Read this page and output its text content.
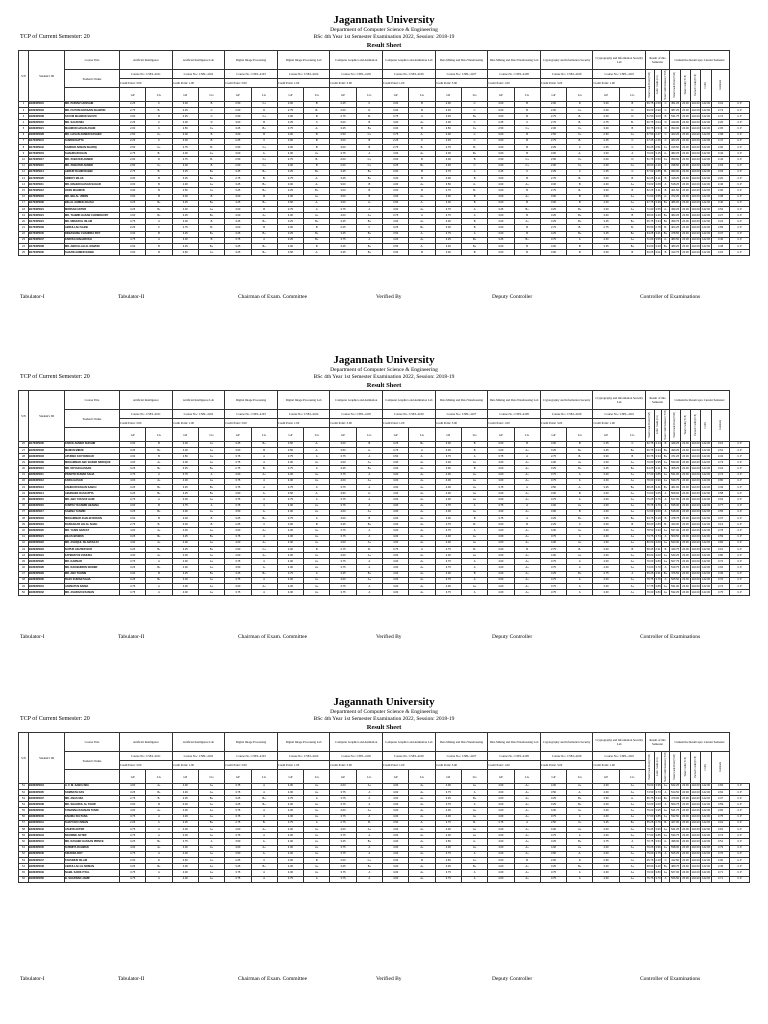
Jagannath University
Department of Computer Science & Engineering
BSc 4th Year 1st Semester Examination 2022, Session: 2018-19
Result Sheet
TCP of Current Semester: 20
S/N	Student's ID	Course Title	Artificial Intelligence		Artificial Intelligence Lab		Digital Image Processing		Digital Image Processing Lab		Computer Graphics and Animation		Computer Graphics and Animation Lab		Data Mining and Data Warehousing		Data Mining and Data Warehousing Lab		Cryptography and Information Security		Cryptography and Information Security Lab		Result of this Semester			Cumulative Result upto Current Semester					
		Student's Name	Course No.: CSEL-4101		Course No.: CSEL-4102		Course No.: CSEL-4103		Course No.: CSEL-4104		Course No.: CSEL-4105		Course No.: CSEL-4106		Course No.: CSEL-4107		Course No.: CSEL-4108		Course No.: CSEL-4109		Course No.: CSEL-4110		Total Grade Point (TGP)	Letter Grade (LG)	Total Credit Semester (TCP)	Total Grade Point (TGP)	Total Credit (TCP)	Earned Credit (ECP)	CGPA	Comment	
			Credit Point: 3.00		Credit Point: 1.00		Credit Point: 3.00		Credit Point: 1.00		Credit Point: 3.00		Credit Point: 1.00		Credit Point: 3.00		Credit Point: 1.00		Credit Point: 3.00		Credit Point: 1.00										
			GP	LG	GP	LG	GP	LG	GP	LG	GP	LG	GP	LG	GP	LG	GP	LG	GP	LG	GP	LG									
1	B180305001	MD. PARVEZ HOSSAIN	2.25	C	3.00	B	2.50	C+	3.00	B	2.25	C	3.00	B	2.00	C	3.00	B	2.00	D	3.00	B	66.75	2.50	C	451.25	20.00	142.00	142.00	3.01	C.P
2	B180305003	MD. FAIYOM HOSSAIN SHAWON	2.75	B-	2.25	C	2.00	D	2.75	B-	2.00	D	3.00	B	2.25	C	3.00	B	2.00	C+	2.00	D	69.00	2.90	C	387.25	20.00	142.00	142.00	2.73	C.P
3	B180305008	SAYUM MAHMUD SHUVO	3.00	B	2.25	C	2.50	C+	3.00	B	2.75	B-	3.75	A	3.25	B+	3.00	B	2.75	B-	2.00	D	51.50	3.00	B	531.75	20.00	142.00	142.00	2.74	C.P
4	B180305016	MD. SALIM MIA	2.25	C	2.00	D	3.00	B	2.25	C	3.00	B	4.00	A+	2.00	C	2.25	C	2.75	B-	2.75	B-	60.75	2.04	D	419.00	20.00	142.00	142.00	2.26	C.P
5	B180305021	MAHMUD HASAN ASHIK	2.00	C	2.50	C+	3.25	B+	3.75	A-	3.25	B+	3.00	B	2.50	C+	2.50	C+	2.00	C+	3.00	B	60.75	2.54	D	393.00	20.00	142.00	142.00	2.05	C.P
6	B180305028	MD. HASAN AHMED RASHED	2.50	C+	3.00	B	3.00	B	3.00	B	2.50	C+	3.75	A-	2.00	C	3.00	B	2.50	C+	2.50	C+	67.50	2.47	C	423.25	20.00	142.00	142.00	2.98	C.P
7	B170305041	SUMON DATTA	2.25	C	3.00	B	2.25	C	3.00	B	3.00	B	2.25	C	2.25	C	3.00	B	2.75	B-	2.25	C	47.25	2.36	C	363.25	20.00	142.00	142.00	2.47	C.P
8	B170305042	SARKER ADNAN SHARIQ	2.50	C+	2.75	B-	2.50	C+	3.00	B	3.00	B	2.75	B-	2.75	B-	3.00	B	2.25	C	2.25	C	50.25	2.51	C+	315.50	20.00	142.00	142.00	2.96	C.P
9	B170305004	SHAHRIAR KHAN	2.75	B-	4.00	A+	3.00	A-	4.00	A+	3.75	A	4.00	A+	3.25	B+	3.00	B	3.00	A-	3.00	A	70.00	3.15	A-	483.25	20.00	142.00	142.00	3.42	C.P
10	B170305017	MD. ZUBAYER AHMED	2.00	D	2.75	B-	2.50	C+	2.75	B-	2.00	C+	3.00	B	3.00	B	2.50	C+	2.50	C+	2.00	D	51.75	2.50	C+	350.50	20.00	142.00	142.00	2.44	C.P
11	B170305015	MD. ZOBAYER AHMED	2.50	C+	3.00	B	2.00	C+	3.00	B	2.00	C+	3.25	B+	2.25	C	2.00	C+	2.00	C+	2.00	C+	48.00	2.40	C	338.50	20.00	142.00	142.00	2.63	C.P
12	B170305014	ABDUR RAHIM RABBI	2.75	B-	3.25	B+	3.25	B+	3.25	B+	3.25	B+	3.00	B	3.75	A	2.25	C	2.25	C	2.25	C	57.00	2.85	B-	390.00	20.00	142.00	142.00	3.03	C.P
13	B170305026	HRIDOY BILAS	3.00	B	3.25	B+	2.75	B-	3.75	A-	3.25	B+	3.00	B	3.00	B	3.00	B	2.75	B-	3.00	B	62.25	3.11	B	418.25	20.00	142.00	142.00	3.20	C.P
14	B170305011	MD. MAHEDI HASAN SAGAR	3.00	B	4.00	A+	3.25	B+	3.00	A-	3.00	B	4.00	A+	3.50	A-	4.00	A+	3.00	B	4.00	A+	73.00	3.68	A	518.25	20.00	142.00	142.00	3.46	C.P
15	B170305012	HOZE MAHMUD	3.00	B	2.50	C+	3.25	B+	3.25	B+	3.00	B	3.00	B	2.75	B-	3.00	B	2.75	B-	3.00	B	62.25	3.11	B	401.50	20.00	142.00	142.00	2.96	C.P
16	B170305018	MD. BELAL UDDIN	3.00	B	3.00	B	3.00	B	4.00	A+	3.00	B	4.00	A+	3.00	B	4.00	A+	3.00	B	4.00	A+	71.00	3.55	A-	472.25	20.00	142.00	142.00	3.38	C.P
17	B170305036	BELAL AHMED AKASH	3.25	B+	3.25	B+	3.25	B+	3.50	A-	3.00	A-	3.50	A-	3.00	B	3.00	B	3.00	B	4.00	A+	67.75	3.39	B+	486.00	20.00	142.00	142.00	3.40	C.P
18	B170305021	MORSAD AKTER	3.25	B+	4.00	A+	3.00	B	3.75	A	3.75	A	4.00	A+	3.75	A	3.25	B+	3.25	B+	4.00	A+	71.00	3.55	A-	499.25	20.00	142.00	142.00	3.52	C.P
19	B170305021	MD. TAHMID HASAN CHOWDHURY	3.00	B+	3.25	B+	4.00	A+	4.00	A+	4.00	A+	3.75	A	3.75	A	3.00	B	3.25	B+	3.00	B	68.00	3.40	B+	483.25	20.00	142.00	142.00	3.27	C.P
20	B170305024	MD. MEHEDUL ISLAM	3.75	A	3.00	B	3.25	B+	3.25	B+	3.25	B+	4.00	A+	3.00	B	4.00	A+	3.25	B+	3.25	B+	66.75	3.34	B+	459.75	20.00	142.00	142.00	3.22	C.P
21	B170305039	ABDULLAH SAJIB	2.25	C	2.75	B-	3.00	B	3.00	B	2.25	C	3.25	B+	3.00	B	3.00	B	2.75	B-	2.75	B-	55.50	2.78	B-	404.25	20.00	142.00	142.00	2.89	C.P
22	B170305040	DEBASHISH CHANDRA ROY	3.00	B	3.25	B+	3.25	B+	3.25	B+	3.25	B+	3.50	A-	3.75	A	3.00	B	3.25	B+	3.25	B+	64.25	3.21	B+	478.50	20.00	142.00	142.00	3.37	C.P
23	B170305047	FARUKA MAHARUKH	3.75	A	3.00	B	3.75	A	3.25	B+	3.75	A	4.00	A+	3.25	B+	3.25	B+	3.75	A	4.00	A+	71.00	3.55	A-	483.50	20.00	142.00	142.00	3.40	C.P
24	B170305008	MD. ABDULLAH AL MAMUN	3.00	B	3.25	B+	3.25	B+	3.00	B	3.25	B+	3.50	A-	3.25	B+	3.00	B	3.00	B	3.25	B+	64.00	3.20	B+	480.25	20.00	142.00	142.00	3.38	C.P
25	B170305030	SHAZID AHMED RABBI	3.00	B	2.50	C+	3.25	B+	3.50	A-	3.25	B+	3.00	B	3.00	B	3.00	B	3.00	B	3.00	B	60.25	3.01	B	413.75	20.00	142.00	142.00	2.91	C.P
Tabulator-I	Tabulator-II	Chairman of Exam. Committee	Verified By	Deputy Controller	Controller of Examinations
Jagannath University
Department of Computer Science & Engineering
BSc 4th Year 1st Semester Examination 2022, Session: 2018-19
Result Sheet
TCP of Current Semester: 20
S/N	Student's ID	Course Title	Artificial Intelligence		Artificial Intelligence Lab		Digital Image Processing		Digital Image Processing Lab		Computer Graphics and Animation		Computer Graphics and Animation Lab		Data Mining and Data Warehousing		Data Mining and Data Warehousing Lab		Cryptography and Information Security		Cryptography and Information Security Lab		Result of this Semester			Cumulative Result upto Current Semester					
		Student's Name	Course No.: CSEL-4101		Course No.: CSEL-4102		Course No.: CSEL-4103		Course No.: CSEL-4104		Course No.: CSEL-4105		Course No.: CSEL-4106		Course No.: CSEL-4107		Course No.: CSEL-4108		Course No.: CSEL-4109		Course No.: CSEL-4110		Total Grade Point (TGP)	Letter Grade (LG)	Total Credit Semester (TCP)	Total Grade Point (TGP)	Total Credit (TCP)	Earned Credit (ECP)	CGPA	Comment	
			Credit Point: 3.00		Credit Point: 1.00		Credit Point: 3.00		Credit Point: 1.00		Credit Point: 3.00		Credit Point: 1.00		Credit Point: 3.00		Credit Point: 1.00		Credit Point: 3.00		Credit Point: 1.00										
			GP	LG	GP	LG	GP	LG	GP	LG	GP	LG	GP	LG	GP	LG	GP	LG	GP	LG	GP	LG									
26	B170305030	FARUK AHMED SHISHIR	3.00	B	2.00	C+	3.25	B+	3.50	A-	3.00	B	3.25	B+	3.00	B	3.00	B	3.00	B	2.25	C	62.75	3.14	B	449.25	20.00	142.00	142.00	3.16	C.P
27	B180305002	MAMUN MIRZE	3.25	B+	4.00	A+	3.00	B	3.50	A-	3.50	A-	3.75	A	3.00	B	4.00	A+	3.25	B+	3.25	B+	66.75	3.34	B+	499.25	20.00	142.00	142.00	3.52	C.P
28	B180305003	APURBO KOYONSKAR	3.00	B	2.50	C+	3.75	A	3.75	A	3.75	A	3.50	A-	3.75	A	3.75	A	2.75	B-	3.00	B	66.75	3.34	B+	471.25	20.00	142.00	142.00	3.32	C.P
29	B180305009	MOHAMMAD ABU BAKER SIDDIQUE	4.00	A+	4.00	A+	3.75	A	4.00	A+	4.00	A+	4.00	A+	4.00	A+	4.00	A+	4.00	A+	4.00	A+	79.00	3.95	A+	530.00	20.00	142.00	142.00	3.73	C.P
30	B180305010	MD. NOYAN HASSAN	3.25	B+	3.25	B+	2.75	B-	3.75	A	3.25	B+	4.00	A+	3.00	B	4.00	A+	3.25	B+	3.25	B+	64.25	3.21	B+	458.25	20.00	142.00	142.00	3.23	C.P
31	B180305011	PRANTO KUMAR SAHA	3.75	A	3.75	A	4.00	A+	4.00	A+	3.75	A	4.00	A+	4.00	A+	4.00	A+	3.75	A	4.00	A+	77.00	3.85	A+	531.00	20.00	142.00	142.00	3.74	C.P
32	B180305012	FARIA HASAN	4.00	A+	4.00	A+	3.75	A	4.00	A+	4.00	A+	4.00	A+	4.00	A+	4.00	A+	3.75	A	4.00	A+	78.00	3.90	A+	539.75	20.00	142.00	142.00	3.80	C.P
33	B180305013	ASHIKUR RAHAN SABUJ	3.25	B+	3.25	B+	3.75	A	3.75	A	3.75	A	4.00	A+	4.00	A+	3.75	A	3.50	A-	3.25	B+	68.25	3.41	B+	481.00	20.00	142.00	142.00	3.39	C.P
34	B180305014	ABHISHEK DASGUPTA	3.25	B+	3.25	B+	3.50	A-	3.50	A-	3.50	A-	4.00	A+	4.00	A+	4.00	A+	3.00	B	4.00	A+	73.00	3.65	A	508.00	20.00	142.00	142.00	3.58	C.P
35	B180305015	MD. ABU YOUSUF HAIR	3.75	A	4.00	A+	3.75	A	3.75	A	3.75	A	4.00	A+	4.00	A+	4.00	A+	3.75	A	4.00	A+	75.25	3.76	A	517.00	20.00	142.00	142.00	3.64	C.P
36	B180305016	SUMIYA YEASMIN HEAENA	3.00	B	3.75	A	3.75	A	4.00	A+	3.75	A	4.00	A+	3.75	A	3.75	A	4.00	A+	4.00	A+	75.75	3.79	A	535.00	20.00	142.00	142.00	3.77	C.P
37	B180305017	SABINA YASMIN	3.25	B+	4.00	A+	3.50	A-	4.00	A+	4.00	A+	4.00	A+	4.00	A+	4.00	A+	3.00	B	4.00	A+	72.00	3.60	A	518.00	20.00	142.00	142.00	3.65	C.P
38	B180305018	MOHAMMAD KHALID ROKON	3.00	B	3.00	B	3.25	B+	3.75	A	3.00	B	4.00	A+	3.00	B	3.75	A	3.25	B+	3.25	B+	63.75	3.19	B	478.75	20.00	142.00	142.00	3.37	C.P
39	B180305019	RANGAKAR JALAL SHAH	2.75	B-	3.00	B	2.25	C	3.00	B	3.25	B+	4.00	A+	2.75	B-	3.00	B	2.25	C	3.00	B	56.00	2.80	B-	443.00	20.00	142.00	142.00	3.12	C.P
40	B180305020	MD. YASIN ARAFAT	4.00	A+	4.00	A+	4.00	A+	4.00	A+	3.75	A	4.00	A+	3.75	A	4.00	A+	4.00	A+	4.00	A+	78.50	3.93	A+	537.00	20.00	142.00	142.00	3.78	C.P
41	B180305021	BILAS BISWAS	3.25	B+	3.25	B+	3.75	A	4.00	A+	3.75	A	4.00	A+	4.00	A+	4.00	A+	3.75	A	4.00	A+	74.75	3.74	A	509.50	20.00	142.00	142.00	3.59	C.P
42	B180305022	MD. ASHIQUL ISLAM RAJU	4.00	A+	4.00	A+	4.00	A+	4.00	A+	4.00	A+	4.00	A+	4.00	A+	4.00	A+	4.00	A+	4.00	A+	80.00	4.00	A+	543.00	20.00	142.00	142.00	3.82	C.P
43	B180305023	NUPUR AKHTER NUR	3.25	B+	3.25	B+	2.50	C+	3.00	B	2.75	B-	3.75	A	2.75	B-	3.00	B	2.75	B-	3.00	B	58.25	2.91	B	440.75	20.00	142.00	142.00	3.10	C.P
44	B180305024	FATEMATUZ ZOHURA	4.00	A+	4.00	A+	4.00	A+	4.00	A+	4.00	A+	4.00	A+	4.00	A+	4.00	A+	4.00	A+	4.00	A+	80.00	4.00	A+	540.25	20.00	142.00	142.00	3.80	C.P
45	B180305026	MD. KAWSAR	3.75	A	4.00	A+	3.75	A	4.00	A+	3.75	A	4.00	A+	3.75	A	4.00	A+	3.75	A	4.00	A+	76.00	3.80	A+	527.75	20.00	142.00	142.00	3.72	C.P
46	B180305028	MD. RAKIBUDDIN SIKDER	3.25	B+	4.00	A+	3.50	A-	4.00	A+	3.75	A	4.00	A+	3.75	A	4.00	A+	3.75	A	4.00	A+	74.00	3.70	A	519.75	20.00	142.00	142.00	3.66	C.P
47	B180305029	MD. ABU TAHSIN	3.00	B	3.25	B+	3.25	B+	3.75	A	3.25	B+	4.00	A+	3.00	B	4.00	A+	3.25	B+	3.75	A	66.25	3.31	B+	476.50	20.00	142.00	142.00	3.36	C.P
48	B180305030	RAJU KUMAR SAHA	3.25	B+	4.00	A+	3.75	A	4.00	A+	4.00	A+	4.00	A+	3.75	A	4.00	A+	3.75	A	4.00	A+	75.75	3.79	A	525.50	20.00	142.00	142.00	3.70	C.P
49	B180305031	JANNATUN NAIMA	3.75	A	4.00	A+	4.00	A+	4.00	A+	3.75	A	4.00	A+	4.00	A+	4.00	A+	3.75	A	4.00	A+	77.75	3.89	A+	531.00	20.00	142.00	142.00	3.74	C.P
50	B180305032	MD. ASHRAFUZZAMAN	3.75	A	4.00	A+	3.75	A	4.00	A+	3.75	A	4.00	A+	3.75	A	4.00	A+	3.75	A	4.00	A+	76.00	3.80	A+	532.25	20.00	142.00	142.00	3.75	C.P
Tabulator-I	Tabulator-II	Chairman of Exam. Committee	Verified By	Deputy Controller	Controller of Examinations
Jagannath University
Department of Computer Science & Engineering
BSc 4th Year 1st Semester Examination 2022, Session: 2018-19
Result Sheet
TCP of Current Semester: 20
S/N	Student's ID	Course Title	Artificial Intelligence		Artificial Intelligence Lab		Digital Image Processing		Digital Image Processing Lab		Computer Graphics and Animation		Computer Graphics and Animation Lab		Data Mining and Data Warehousing		Data Mining and Data Warehousing Lab		Cryptography and Information Security		Cryptography and Information Security Lab		Result of this Semester			Cumulative Result upto Current Semester					
		Student's Name	Course No.: CSEL-4101		Course No.: CSEL-4102		Course No.: CSEL-4103		Course No.: CSEL-4104		Course No.: CSEL-4105		Course No.: CSEL-4106		Course No.: CSEL-4107		Course No.: CSEL-4108		Course No.: CSEL-4109		Course No.: CSEL-4110		Total Grade Point (TGP)	Letter Grade (LG)	Total Credit Semester (TCP)	Total Grade Point (TGP)	Total Credit (TCP)	Earned Credit (ECP)	CGPA	Comment	
			Credit Point: 3.00		Credit Point: 1.00		Credit Point: 3.00		Credit Point: 1.00		Credit Point: 3.00		Credit Point: 1.00		Credit Point: 3.00		Credit Point: 1.00		Credit Point: 3.00		Credit Point: 1.00										
			GP	LG	GP	LG	GP	LG	GP	LG	GP	LG	GP	LG	GP	LG	GP	LG	GP	LG	GP	LG									
51	B180305034	A. F. M. SABUJ MIA	4.00	A+	4.00	A+	3.75	A	4.00	A+	4.00	A+	4.00	A+	4.00	A+	4.00	A+	4.00	A+	4.00	A+	79.00	3.95	A+	542.25	20.00	142.00	142.00	3.82	C.P
52	B180305035	SOMNATH DAS	3.25	B+	4.00	A+	3.75	A	4.00	A+	3.75	A	4.00	A+	3.75	A	4.00	A+	3.50	A-	4.00	A+	74.50	3.73	A	514.50	20.00	142.00	142.00	3.62	C.P
53	B180305037	MD. ANAS MIA	2.75	B-	3.25	B+	3.25	B+	3.75	A	3.75	A	4.00	A+	3.25	B+	4.00	A+	3.25	B+	3.50	A-	66.75	3.34	B+	479.00	20.00	142.00	142.00	3.37	C.P
54	B180305038	MD. SHAHRUL AL TAHIR	3.00	B	4.00	A+	3.25	B+	4.00	A+	3.75	A	4.00	A+	3.75	A	4.00	A+	3.25	B+	4.00	A+	72.00	3.60	A	509.75	20.00	142.00	142.00	3.59	C.P
55	B180305039	TAMANNA RAHMAN TANNI	4.00	A+	4.00	A+	3.75	A	4.00	A+	4.00	A+	4.00	A+	4.00	A+	4.00	A+	4.00	A+	4.00	A+	79.00	3.95	A+	541.75	20.00	142.00	142.00	3.82	C.P
56	B180305040	FAHIMA SULTANA	3.75	A	4.00	A+	3.75	A	4.00	A+	3.75	A	4.00	A+	4.00	A+	4.00	A+	3.75	A	4.00	A+	77.00	3.85	A+	532.50	20.00	142.00	142.00	3.75	C.P
57	B180305041	SHATYAKI USMAN	2.25	C	3.25	B+	2.75	B-	3.75	A	2.75	B-	3.50	A-	2.75	B-	3.75	A	2.50	C+	3.25	B+	55.25	2.76	B-	427.00	20.00	142.00	142.00	3.01	C.P
58	B180305042	ASHFIN AKTER	3.75	A	4.00	A+	4.00	A+	4.00	A+	4.00	A+	4.00	A+	4.00	A+	4.00	A+	4.00	A+	4.00	A+	79.25	3.96	A+	541.25	20.00	142.00	142.00	3.81	C.P
59	B180305043	NOURINE AKTER	3.75	A	4.00	A+	3.75	A	4.00	A+	3.75	A	4.00	A+	4.00	A+	4.00	A+	3.75	A	4.00	A+	77.00	3.85	A+	530.75	20.00	142.00	142.00	3.74	C.P
60	B180305044	MD. RASHED HASSAN PRINCE	3.25	B+	3.75	A	3.50	A-	4.00	A+	3.25	B+	4.00	A+	3.50	A-	4.00	A+	3.25	B+	3.75	A	70.75	3.54	A-	498.00	20.00	142.00	142.00	3.51	C.P
61	B180305045	SUSMITA RAHMAN	4.00	A+	4.00	A+	4.00	A+	4.00	A+	3.75	A	4.00	A+	4.00	A+	4.00	A+	4.00	A+	4.00	A+	79.25	3.96	A+	538.00	20.00	142.00	142.00	3.79	C.P
62	B180305046	SRIJONA ROY	3.75	A	4.00	A+	3.50	A-	4.00	A+	3.75	A	4.00	A+	3.75	A	4.00	A+	3.50	A-	4.00	A+	75.00	3.75	A	525.25	20.00	142.00	142.00	3.70	C.P
63	B180305047	TAHSINUR ISLAM	2.00	D	2.50	C+	2.25	C	3.00	B	2.00	C+	3.00	B	2.50	C+	3.00	B	2.00	D	2.50	C+	45.75	2.29	C	412.50	20.00	142.00	142.00	2.90	C.P
64	B180305048	ABDULLAH AL NOMAN	3.25	B+	4.00	A+	3.25	B+	4.00	A+	3.25	B+	4.00	A+	3.25	B+	4.00	A+	3.25	B+	4.00	A+	68.00	3.40	B+	489.75	20.00	142.00	142.00	3.45	C.P
65	B180305049	NABIL SADIK ITFAL	3.75	A	4.00	A+	3.75	A	4.00	A+	3.75	A	4.00	A+	3.75	A	4.00	A+	3.75	A	4.00	A+	76.00	3.80	A+	527.00	20.00	142.00	142.00	3.71	C.P
66	B180305050	B. SHAFWAN JAMIF	3.75	A	4.00	A+	3.75	A	3.75	A	3.75	A	4.00	A+	3.75	A	4.00	A+	3.75	A	4.00	A+	75.75	3.79	A	526.50	20.00	142.00	142.00	3.71	C.P
Tabulator-I	Tabulator-II	Chairman of Exam. Committee	Verified By	Deputy Controller	Controller of Examinations
